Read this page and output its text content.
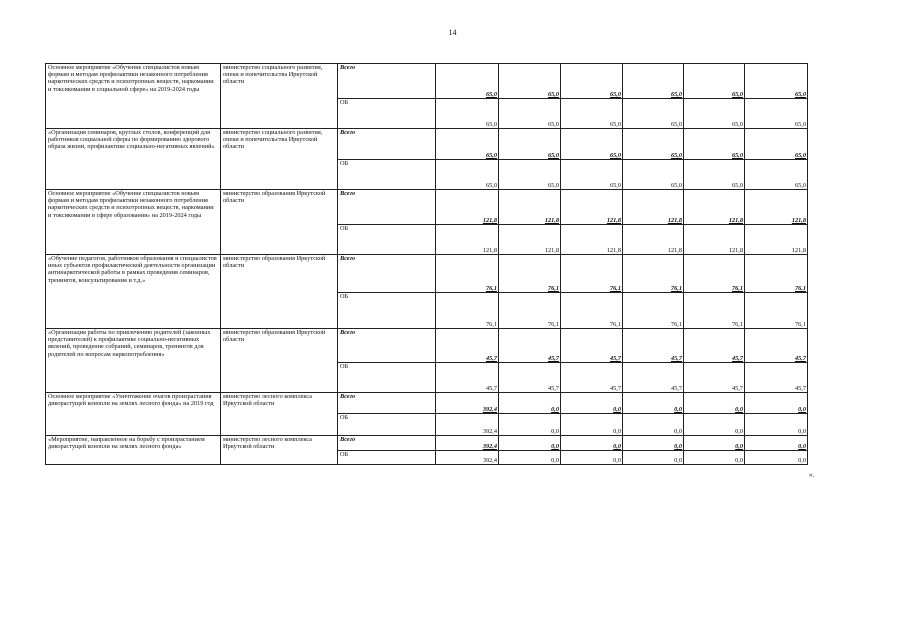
14
Основное мероприятие «Обучение специалистов новым формам и методам профилактики незаконного потребления наркотических средств и психотропных веществ, наркомании и токсикомании в социальной сфере» на 2019-2024 годы	министерство социального развития, опеки и попечительства Иркутской области	Всего	65,0	65,0	65,0	65,0	65,0	65,0
		ОБ	65,0	65,0	65,0	65,0	65,0	65,0
«Организация семинаров, круглых столов, конференций для работников социальной сферы по формированию здорового образа жизни, профилактике социально-негативных явлений»	министерство социального развития, опеки и попечительства Иркутской области	Всего	65,0	65,0	65,0	65,0	65,0	65,0
		ОБ	65,0	65,0	65,0	65,0	65,0	65,0
Основное мероприятие «Обучение специалистов новым формам и методам профилактики незаконного потребления наркотических средств и психотропных веществ, наркомании и токсикомании в сфере образования» на 2019-2024 годы	министерство образования Иркутской области	Всего	121,8	121,8	121,8	121,8	121,8	121,8
		ОБ	121,8	121,8	121,8	121,8	121,8	121,8
«Обучение педагогов, работников образования и специалистов иных субъектов профилактической деятельности организации антинаркотической работы в рамках проведения семинаров, тренингов, консультирования и т.д.»	министерство образования Иркутской области	Всего	76,1	76,1	76,1	76,1	76,1	76,1
		ОБ	76,1	76,1	76,1	76,1	76,1	76,1
«Организация работы по привлечению родителей (законных представителей) к профилактике социально-негативных явлений, проведение собраний, семинаров, тренингов для родителей по вопросам наркопотребления»	министерство образования Иркутской области	Всего	45,7	45,7	45,7	45,7	45,7	45,7
		ОБ	45,7	45,7	45,7	45,7	45,7	45,7
Основное мероприятие «Уничтожение очагов произрастания дикорастущей конопли на землях лесного фонда» на 2019 год	министерство лесного комплекса Иркутской области	Всего	392,4	0,0	0,0	0,0	0,0	0,0
		ОБ	392,4	0,0	0,0	0,0	0,0	0,0
«Мероприятие, направленное на борьбу с произрастанием дикорастущей конопли на землях лесного фонда»	министерство лесного комплекса Иркутской области	Всего	392,4	0,0	0,0	0,0	0,0	0,0
		ОБ	392,4	0,0	0,0	0,0	0,0	0,0
».
